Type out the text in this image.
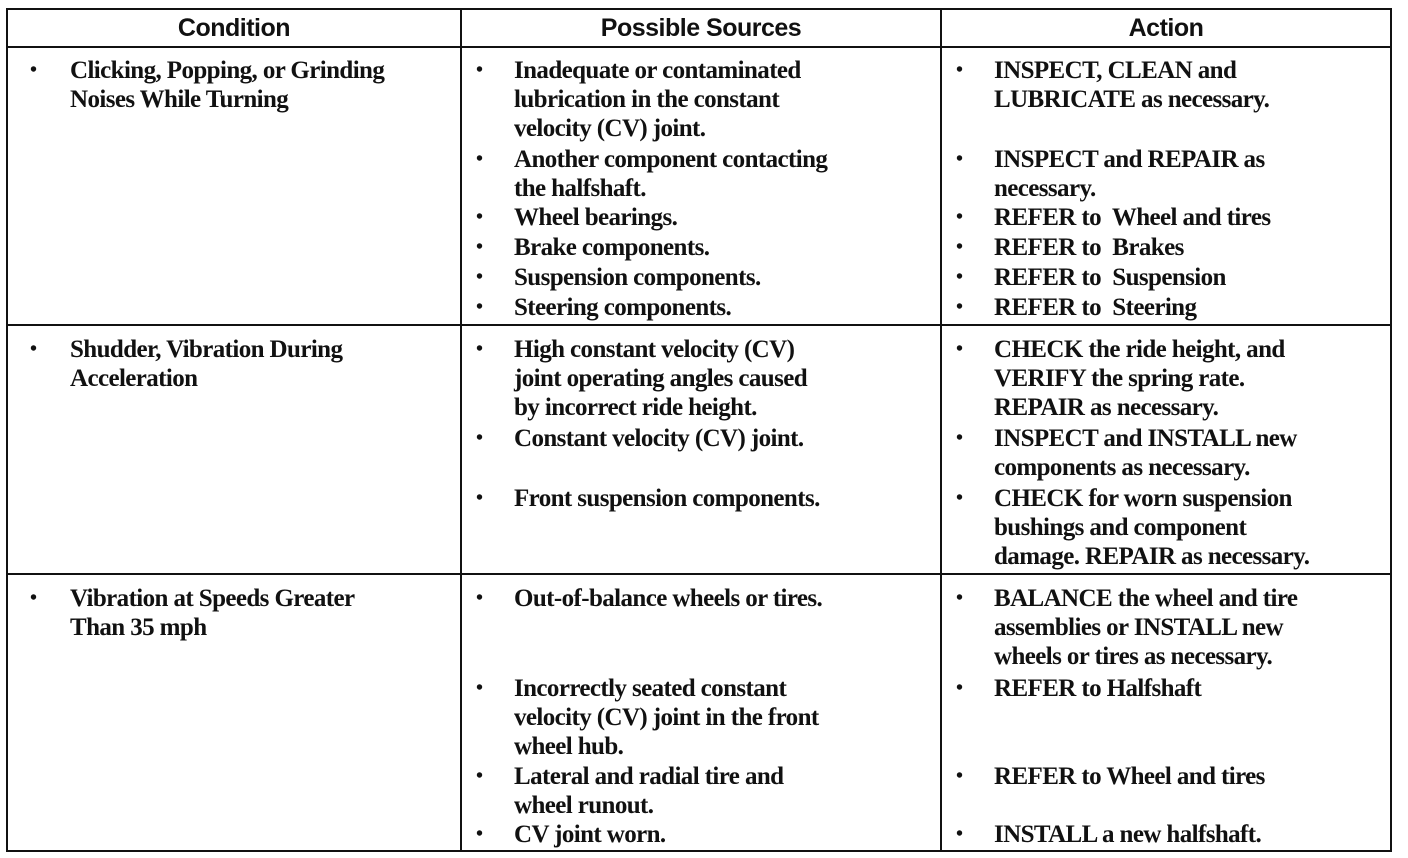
Condition	Possible Sources	Action
• Clicking, Popping, or Grinding
Noises While Turning
• Inadequate or contaminated
lubrication in the constant
velocity (CV) joint.
• Another component contacting
the halfshaft.
• Wheel bearings.
• Brake components.
• Suspension components.
• Steering components.
• INSPECT, CLEAN and
LUBRICATE as necessary.
• INSPECT and REPAIR as
necessary.
• REFER to  Wheel and tires
• REFER to  Brakes
• REFER to  Suspension
• REFER to  Steering
• Shudder, Vibration During
Acceleration
• High constant velocity (CV)
joint operating angles caused
by incorrect ride height.
• Constant velocity (CV) joint.
• Front suspension components.
• CHECK the ride height, and
VERIFY the spring rate.
REPAIR as necessary.
• INSPECT and INSTALL new
components as necessary.
• CHECK for worn suspension
bushings and component
damage. REPAIR as necessary.
• Vibration at Speeds Greater
Than 35 mph
• Out-of-balance wheels or tires.
• Incorrectly seated constant
velocity (CV) joint in the front
wheel hub.
• Lateral and radial tire and
wheel runout.
• CV joint worn.
• BALANCE the wheel and tire
assemblies or INSTALL new
wheels or tires as necessary.
• REFER to Halfshaft
• REFER to Wheel and tires
• INSTALL a new halfshaft.
